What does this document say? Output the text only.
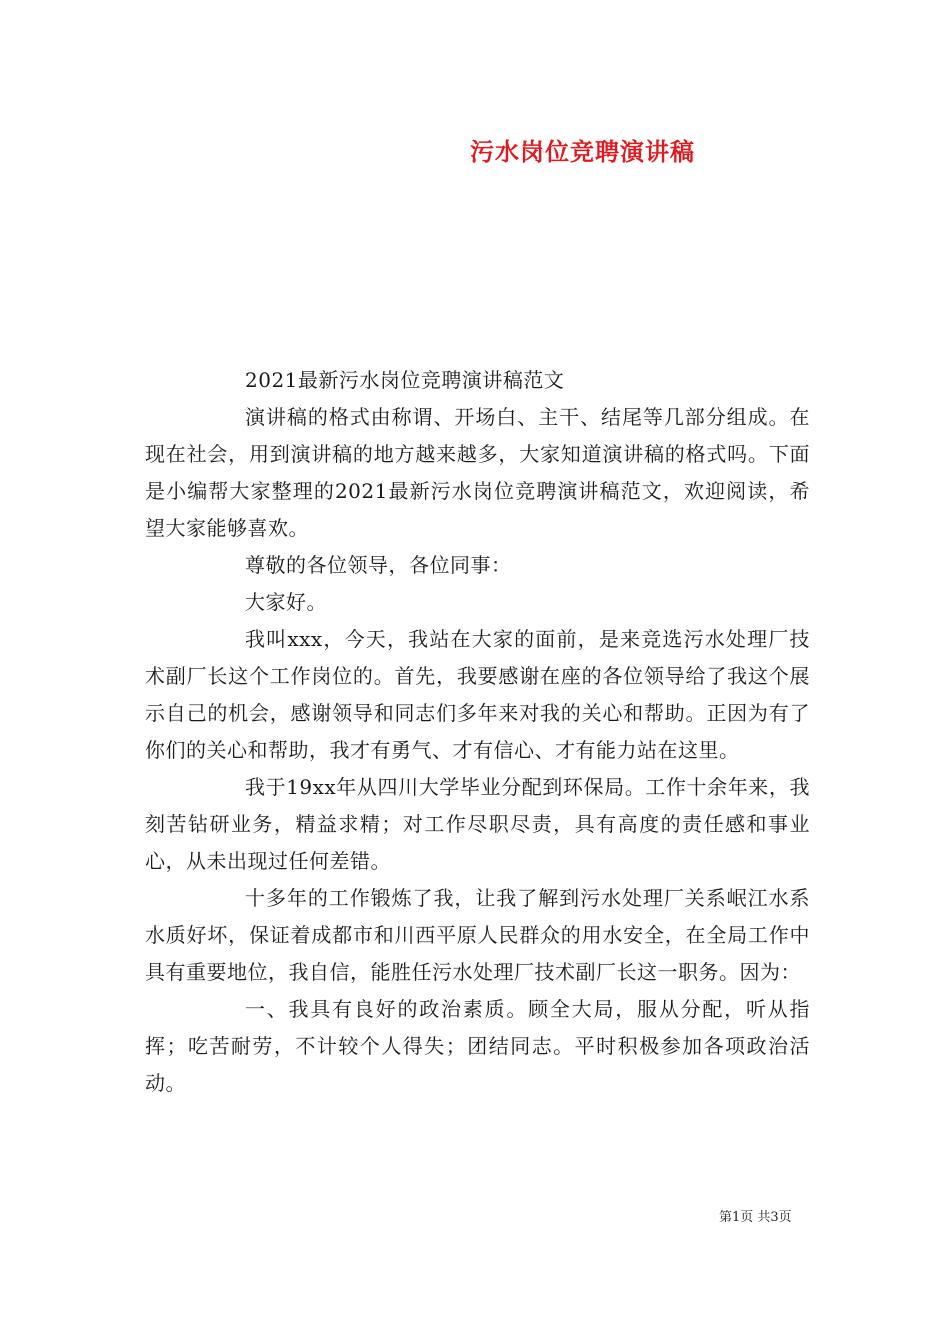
污水岗位竞聘演讲稿

2021最新污水岗位竞聘演讲稿范文

演讲稿的格式由称谓、开场白、主干、结尾等几部分组成。在现在社会，用到演讲稿的地方越来越多，大家知道演讲稿的格式吗。下面是小编帮大家整理的2021最新污水岗位竞聘演讲稿范文，欢迎阅读，希望大家能够喜欢。

尊敬的各位领导，各位同事：

大家好。

我叫xxx，今天，我站在大家的面前，是来竞选污水处理厂技术副厂长这个工作岗位的。首先，我要感谢在座的各位领导给了我这个展示自己的机会，感谢领导和同志们多年来对我的关心和帮助。正因为有了你们的关心和帮助，我才有勇气、才有信心、才有能力站在这里。

我于19xx年从四川大学毕业分配到环保局。工作十余年来，我刻苦钻研业务，精益求精；对工作尽职尽责，具有高度的责任感和事业心，从未出现过任何差错。

十多年的工作锻炼了我，让我了解到污水处理厂关系岷江水系水质好坏，保证着成都市和川西平原人民群众的用水安全，在全局工作中具有重要地位，我自信，能胜任污水处理厂技术副厂长这一职务。因为：

一、我具有良好的政治素质。顾全大局，服从分配，听从指挥；吃苦耐劳，不计较个人得失；团结同志。平时积极参加各项政治活动。

第1页 共3页
